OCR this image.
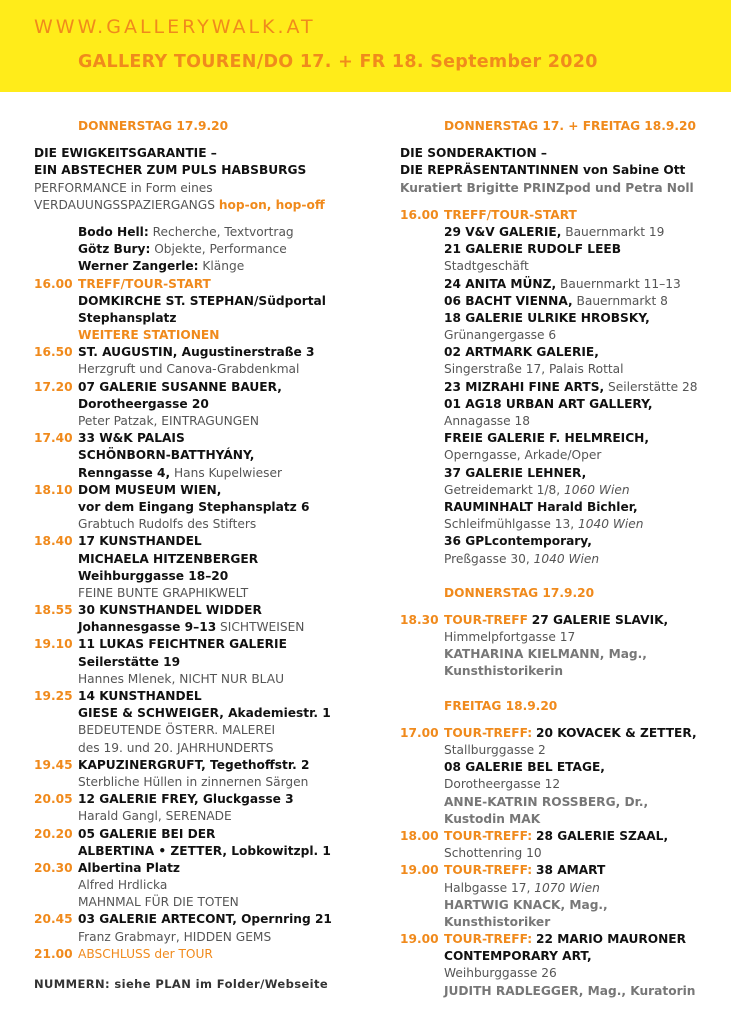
WWW.GALLERYWALK.AT
GALLERY TOUREN/DO 17. + FR 18. September 2020
DONNERSTAG 17.9.20
DIE EWIGKEITSGARANTIE –
EIN ABSTECHER ZUM PULS HABSBURGS
PERFORMANCE in Form eines
VERDAUUNGSSPAZIERGANGS hop-on, hop-off
Bodo Hell: Recherche, Textvortrag
Götz Bury: Objekte, Performance
Werner Zangerle: Klänge
16.00 TREFF/TOUR-START
DOMKIRCHE ST. STEPHAN/Südportal
Stephansplatz
WEITERE STATIONEN
16.50 ST. AUGUSTIN, Augustinerstraße 3
Herzgruft und Canova-Grabdenkmal
17.20 07 GALERIE SUSANNE BAUER,
Dorotheergasse 20
Peter Patzak, EINTRAGUNGEN
17.40 33 W&K PALAIS
SCHÖNBORN-BATTHYÁNY,
Renngasse 4, Hans Kupelwieser
18.10 DOM MUSEUM WIEN,
vor dem Eingang Stephansplatz 6
Grabtuch Rudolfs des Stifters
18.40 17 KUNSTHANDEL
MICHAELA HITZENBERGER
Weihburggasse 18–20
FEINE BUNTE GRAPHIKWELT
18.55 30 KUNSTHANDEL WIDDER
Johannesgasse 9–13 SICHTWEISEN
19.10 11 LUKAS FEICHTNER GALERIE
Seilerstätte 19
Hannes Mlenek, NICHT NUR BLAU
19.25 14 KUNSTHANDEL
GIESE & SCHWEIGER, Akademiestr. 1
BEDEUTENDE ÖSTERR. MALEREI
des 19. und 20. JAHRHUNDERTS
19.45 KAPUZINERGRUFT, Tegethoffstr. 2
Sterbliche Hüllen in zinnernen Särgen
20.05 12 GALERIE FREY, Gluckgasse 3
Harald Gangl, SERENADE
20.20 05 GALERIE BEI DER
ALBERTINA • ZETTER, Lobkowitzpl. 1
20.30 Albertina Platz
Alfred Hrdlicka
MAHNMAL FÜR DIE TOTEN
20.45 03 GALERIE ARTECONT, Opernring 21
Franz Grabmayr, HIDDEN GEMS
21.00 ABSCHLUSS der TOUR
NUMMERN: siehe PLAN im Folder/Webseite
DONNERSTAG 17. + FREITAG 18.9.20
DIE SONDERAKTION –
DIE REPRÄSENTANTINNEN von Sabine Ott
Kuratiert Brigitte PRINZpod und Petra Noll
16.00 TREFF/TOUR-START
29 V&V GALERIE, Bauernmarkt 19
21 GALERIE RUDOLF LEEB
Stadtgeschäft
24 ANITA MÜNZ, Bauernmarkt 11–13
06 BACHT VIENNA, Bauernmarkt 8
18 GALERIE ULRIKE HROBSKY,
Grünangergasse 6
02 ARTMARK GALERIE,
Singerstraße 17, Palais Rottal
23 MIZRAHI FINE ARTS, Seilerstätte 28
01 AG18 URBAN ART GALLERY,
Annagasse 18
FREIE GALERIE F. HELMREICH,
Operngasse, Arkade/Oper
37 GALERIE LEHNER,
Getreidemarkt 1/8, 1060 Wien
RAUMINHALT Harald Bichler,
Schleifmühlgasse 13, 1040 Wien
36 GPLcontemporary,
Preßgasse 30, 1040 Wien
DONNERSTAG 17.9.20
18.30 TOUR-TREFF 27 GALERIE SLAVIK,
Himmelpfortgasse 17
KATHARINA KIELMANN, Mag.,
Kunsthistorikerin
FREITAG 18.9.20
17.00 TOUR-TREFF: 20 KOVACEK & ZETTER,
Stallburggasse 2
08 GALERIE BEL ETAGE,
Dorotheergasse 12
ANNE-KATRIN ROSSBERG, Dr.,
Kustodin MAK
18.00 TOUR-TREFF: 28 GALERIE SZAAL,
Schottenring 10
19.00 TOUR-TREFF: 38 AMART
Halbgasse 17, 1070 Wien
HARTWIG KNACK, Mag.,
Kunsthistoriker
19.00 TOUR-TREFF: 22 MARIO MAURONER
CONTEMPORARY ART,
Weihburggasse 26
JUDITH RADLEGGER, Mag., Kuratorin
